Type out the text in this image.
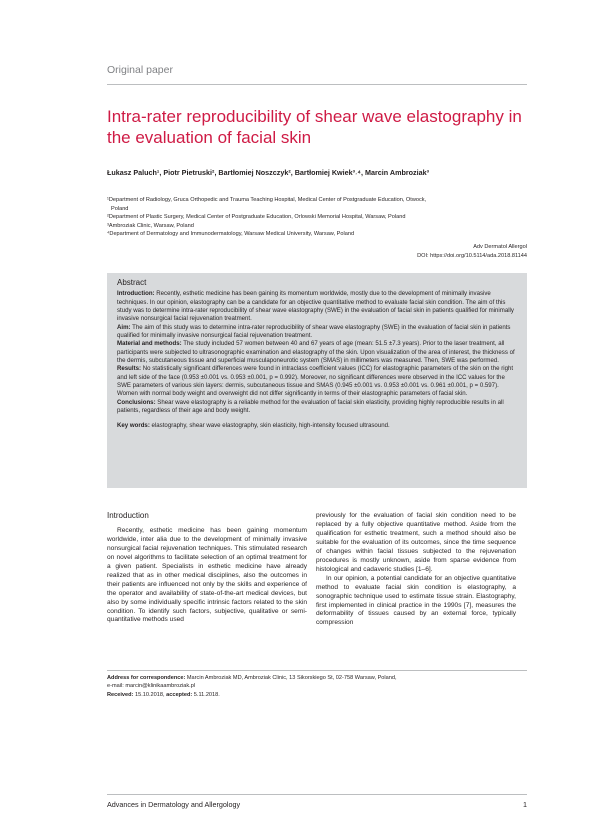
Original paper
Intra-rater reproducibility of shear wave elastography in the evaluation of facial skin
Łukasz Paluch¹, Piotr Pietruski², Bartłomiej Noszczyk², Bartłomiej Kwiek³˒⁴, Marcin Ambroziak³
¹Department of Radiology, Gruca Orthopedic and Trauma Teaching Hospital, Medical Center of Postgraduate Education, Otwock,
Poland
²Department of Plastic Surgery, Medical Center of Postgraduate Education, Orlowski Memorial Hospital, Warsaw, Poland
³Ambroziak Clinic, Warsaw, Poland
⁴Department of Dermatology and Immunodermatology, Warsaw Medical University, Warsaw, Poland
Adv Dermatol Allergol
DOI: https://doi.org/10.5114/ada.2018.81144
Abstract

Introduction: Recently, esthetic medicine has been gaining its momentum worldwide, mostly due to the development of minimally invasive techniques. In our opinion, elastography can be a candidate for an objective quantitative method to evaluate facial skin condition. The aim of this study was to determine intra-rater reproducibility of shear wave elastography (SWE) in the evaluation of facial skin in patients qualified for minimally invasive nonsurgical facial rejuvenation treatment.

Aim: The aim of this study was to determine intra-rater reproducibility of shear wave elastography (SWE) in the evaluation of facial skin in patients qualified for minimally invasive nonsurgical facial rejuvenation treatment.

Material and methods: The study included 57 women between 40 and 67 years of age (mean: 51.5 ±7.3 years). Prior to the laser treatment, all participants were subjected to ultrasonographic examination and elastography of the skin. Upon visualization of the area of interest, the thickness of the dermis, subcutaneous tissue and superficial musculaponeurotic system (SMAS) in millimeters was measured. Then, SWE was performed.

Results: No statistically significant differences were found in intraclass coefficient values (ICC) for elastographic parameters of the skin on the right and left side of the face (0.953 ±0.001 vs. 0.953 ±0.001, p = 0.992). Moreover, no significant differences were observed in the ICC values for the SWE parameters of various skin layers: dermis, subcutaneous tissue and SMAS (0.945 ±0.001 vs. 0.953 ±0.001 vs. 0.961 ±0.001, p = 0.597). Women with normal body weight and overweight did not differ significantly in terms of their elastographic parameters of facial skin.

Conclusions: Shear wave elastography is a reliable method for the evaluation of facial skin elasticity, providing highly reproducible results in all patients, regardless of their age and body weight.

Key words: elastography, shear wave elastography, skin elasticity, high-intensity focused ultrasound.

Introduction

Recently, esthetic medicine has been gaining momentum worldwide, inter alia due to the development of minimally invasive nonsurgical facial rejuvenation techniques. This stimulated research on novel algorithms to facilitate selection of an optimal treatment for a given patient. Specialists in esthetic medicine have already realized that as in other medical disciplines, also the outcomes in their patients are influenced not only by the skills and experience of the operator and availability of state-of-the-art medical devices, but also by some individually specific intrinsic factors related to the skin condition. To identify such factors, subjective, qualitative or semi-quantitative methods used

previously for the evaluation of facial skin condition need to be replaced by a fully objective quantitative method. Aside from the qualification for esthetic treatment, such a method should also be suitable for the evaluation of its outcomes, since the time sequence of changes within facial tissues subjected to the rejuvenation procedures is mostly unknown, aside from sparse evidence from histological and cadaveric studies [1–6].

In our opinion, a potential candidate for an objective quantitative method to evaluate facial skin condition is elastography, a sonographic technique used to estimate tissue strain. Elastography, first implemented in clinical practice in the 1990s [7], measures the deformability of tissues caused by an external force, typically compression

Address for correspondence: Marcin Ambroziak MD, Ambroziak Clinic, 13 Sikorskiego St, 02-758 Warsaw, Poland,
e-mail: marcin@klinikaambroziak.pl
Received: 15.10.2018, accepted: 5.11.2018.
Advances in Dermatology and Allergology	1
